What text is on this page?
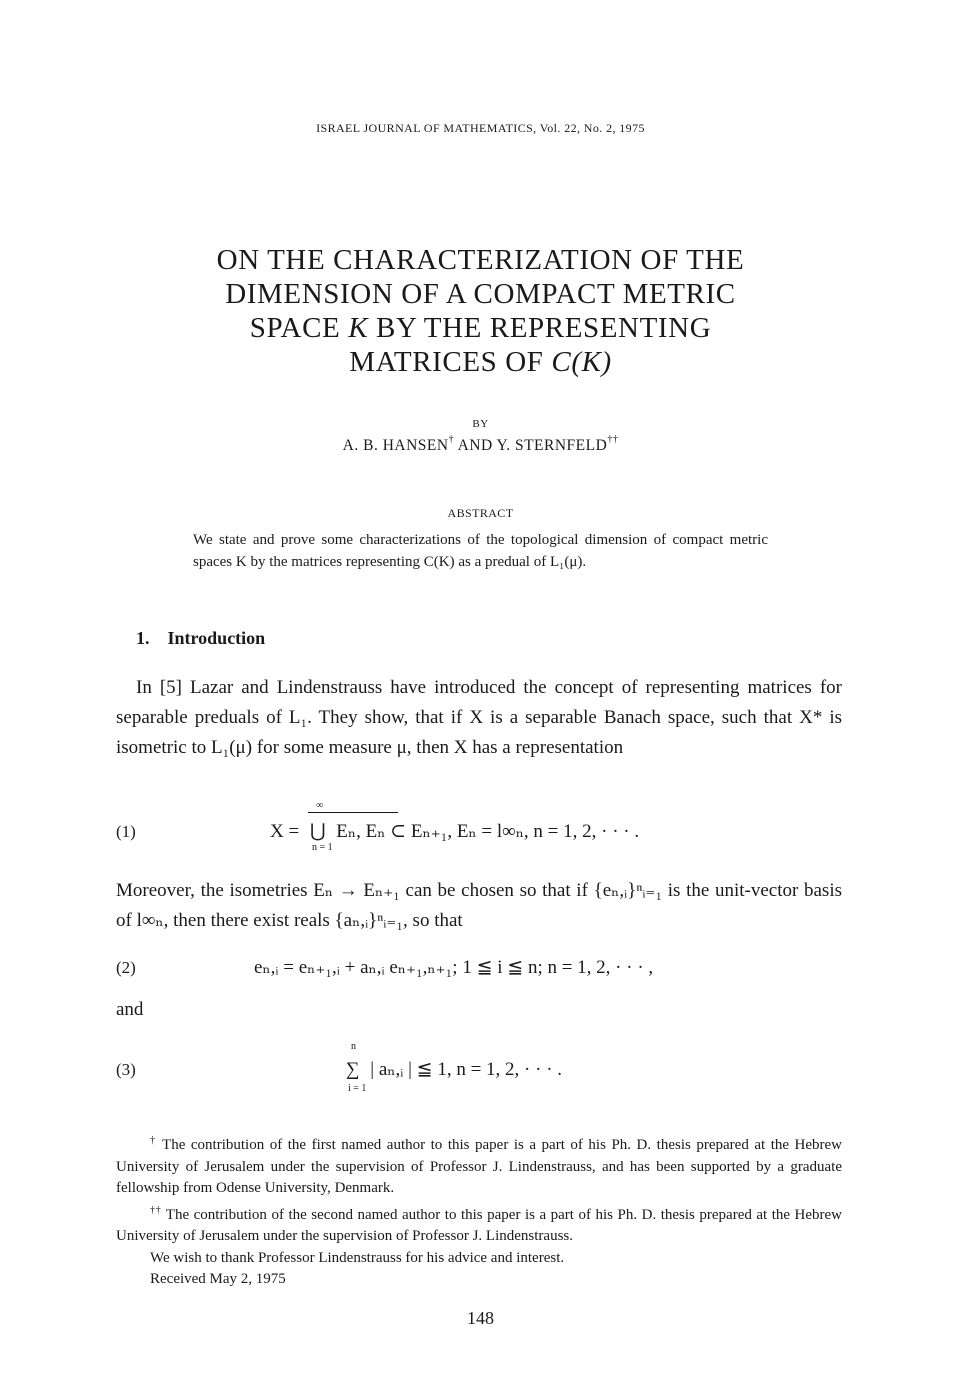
ISRAEL JOURNAL OF MATHEMATICS, Vol. 22, No. 2, 1975
ON THE CHARACTERIZATION OF THE
DIMENSION OF A COMPACT METRIC
SPACE K BY THE REPRESENTING
MATRICES OF C(K)
BY
A. B. HANSEN† AND Y. STERNFELD††
ABSTRACT
We state and prove some characterizations of the topological dimension of compact metric spaces K by the matrices representing C(K) as a predual of L₁(μ).
1. Introduction
In [5] Lazar and Lindenstrauss have introduced the concept of representing matrices for separable preduals of L₁. They show, that if X is a separable Banach space, such that X* is isometric to L₁(μ) for some measure μ, then X has a representation
(1)	X =
∞
⋃
n = 1
Eₙ, Eₙ ⊂ Eₙ₊₁, Eₙ = l∞ₙ, n = 1, 2, · · · .
Moreover, the isometries Eₙ → Eₙ₊₁ can be chosen so that if {eₙ,ᵢ}ⁿᵢ₌₁ is the unit-vector basis of l∞ₙ, then there exist reals {aₙ,ᵢ}ⁿᵢ₌₁, so that
(2)	eₙ,ᵢ = eₙ₊₁,ᵢ + aₙ,ᵢ eₙ₊₁,ₙ₊₁; 1 ≦ i ≦ n; n = 1, 2, · · · ,
and
(3)
n
∑
i = 1
| aₙ,ᵢ | ≦ 1, n = 1, 2, · · · .

† The contribution of the first named author to this paper is a part of his Ph. D. thesis prepared at the Hebrew University of Jerusalem under the supervision of Professor J. Lindenstrauss, and has been supported by a graduate fellowship from Odense University, Denmark.

†† The contribution of the second named author to this paper is a part of his Ph. D. thesis prepared at the Hebrew University of Jerusalem under the supervision of Professor J. Lindenstrauss.

We wish to thank Professor Lindenstrauss for his advice and interest.

Received May 2, 1975

148
